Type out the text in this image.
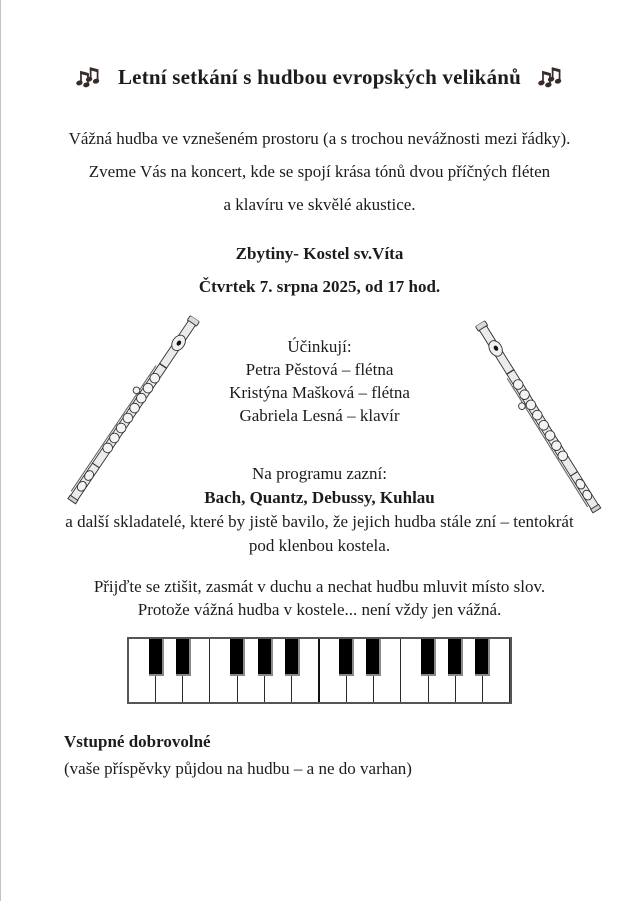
Letní setkání s hudbou evropských velikánů
Vážná hudba ve vznešeném prostoru (a s trochou nevážnosti mezi řádky).
Zveme Vás na koncert, kde se spojí krása tónů dvou příčných fléten
a klavíru ve skvělé akustice.
Zbytiny- Kostel sv.Víta
Čtvrtek 7. srpna 2025, od 17 hod.
Účinkují:
Petra Pěstová – flétna
Kristýna Mašková – flétna
Gabriela Lesná – klavír
Na programu zazní:
Bach, Quantz, Debussy, Kuhlau
a další skladatelé, které by jistě bavilo, že jejich hudba stále zní – tentokrát
pod klenbou kostela.
Přijďte se ztišit, zasmát v duchu a nechat hudbu mluvit místo slov.
Protože vážná hudba v kostele... není vždy jen vážná.
Vstupné dobrovolné
(vaše příspěvky půjdou na hudbu – a ne do varhan)
